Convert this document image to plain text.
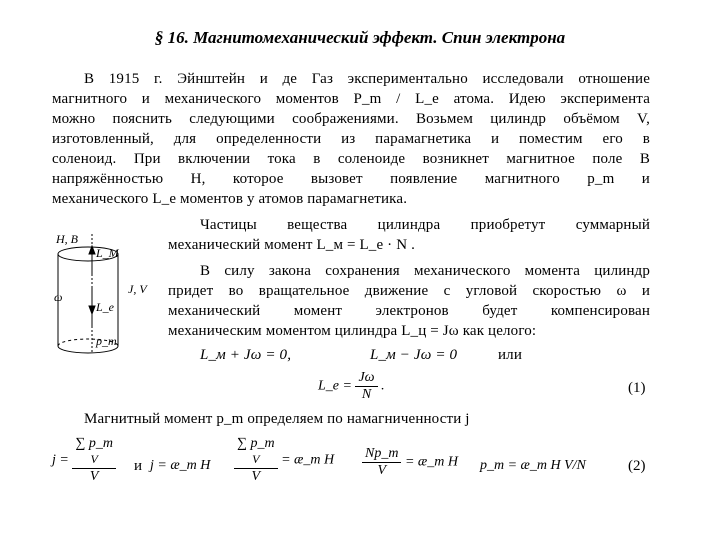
§ 16. Магнитомеханический эффект. Спин электрона
В 1915 г. Эйнштейн и де Газ экспериментально исследовали отношение
магнитного и механического моментов P_m / L_e атома. Идею эксперимента
можно пояснить следующими соображениями. Возьмем цилиндр объёмом V,
изготовленный, для определенности из парамагнетика и поместим его в
соленоид. При включении тока в соленоиде возникнет магнитное поле B
напряжённостью H, которое вызовет появление магнитного p_m и
механического L_e моментов у атомов парамагнетика.
H, B
L_M
ω
L_e
p_m
J, V
Частицы вещества цилиндра приобретут суммарный
механический момент L_м = L_e · N .
В силу закона сохранения механического момента цилиндр
придет во вращательное движение с угловой скоростью ω и
механический момент электронов будет компенсирован
механическим моментом цилиндра L_ц = Jω как целого:
L_м + Jω = 0,	L_м − Jω = 0	или
L_e = $\frac{J\omega}{N}$ .	(1)
Магнитный момент p_m определяем по намагниченности j
j =
∑ p_m
V
V
и j = æ_m H
∑ p_m
V
V
= æ_m H $\frac{Np\_m}{V}$ = æ_m H p_m = æ_m H V/N	(2)
